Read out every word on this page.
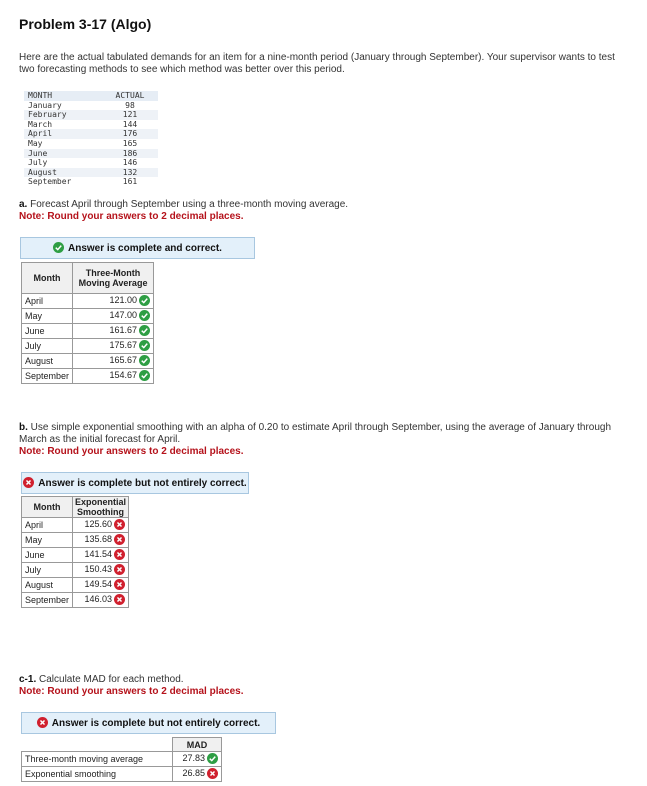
Problem 3-17 (Algo)
Here are the actual tabulated demands for an item for a nine-month period (January through September). Your supervisor wants to test two forecasting methods to see which method was better over this period.
MONTH	ACTUAL
January	98
February	121
March	144
April	176
May	165
June	186
July	146
August	132
September	161
a. Forecast April through September using a three-month moving average.
Note: Round your answers to 2 decimal places.
Answer is complete and correct.
Month	Three-Month Moving Average
April	121.00
May	147.00
June	161.67
July	175.67
August	165.67
September	154.67
b. Use simple exponential smoothing with an alpha of 0.20 to estimate April through September, using the average of January through March as the initial forecast for April.
Note: Round your answers to 2 decimal places.
Answer is complete but not entirely correct.
Month	Exponential Smoothing
April	125.60
May	135.68
June	141.54
July	150.43
August	149.54
September	146.03
c-1. Calculate MAD for each method.
Note: Round your answers to 2 decimal places.
Answer is complete but not entirely correct.
	MAD
Three-month moving average	27.83
Exponential smoothing	26.85
